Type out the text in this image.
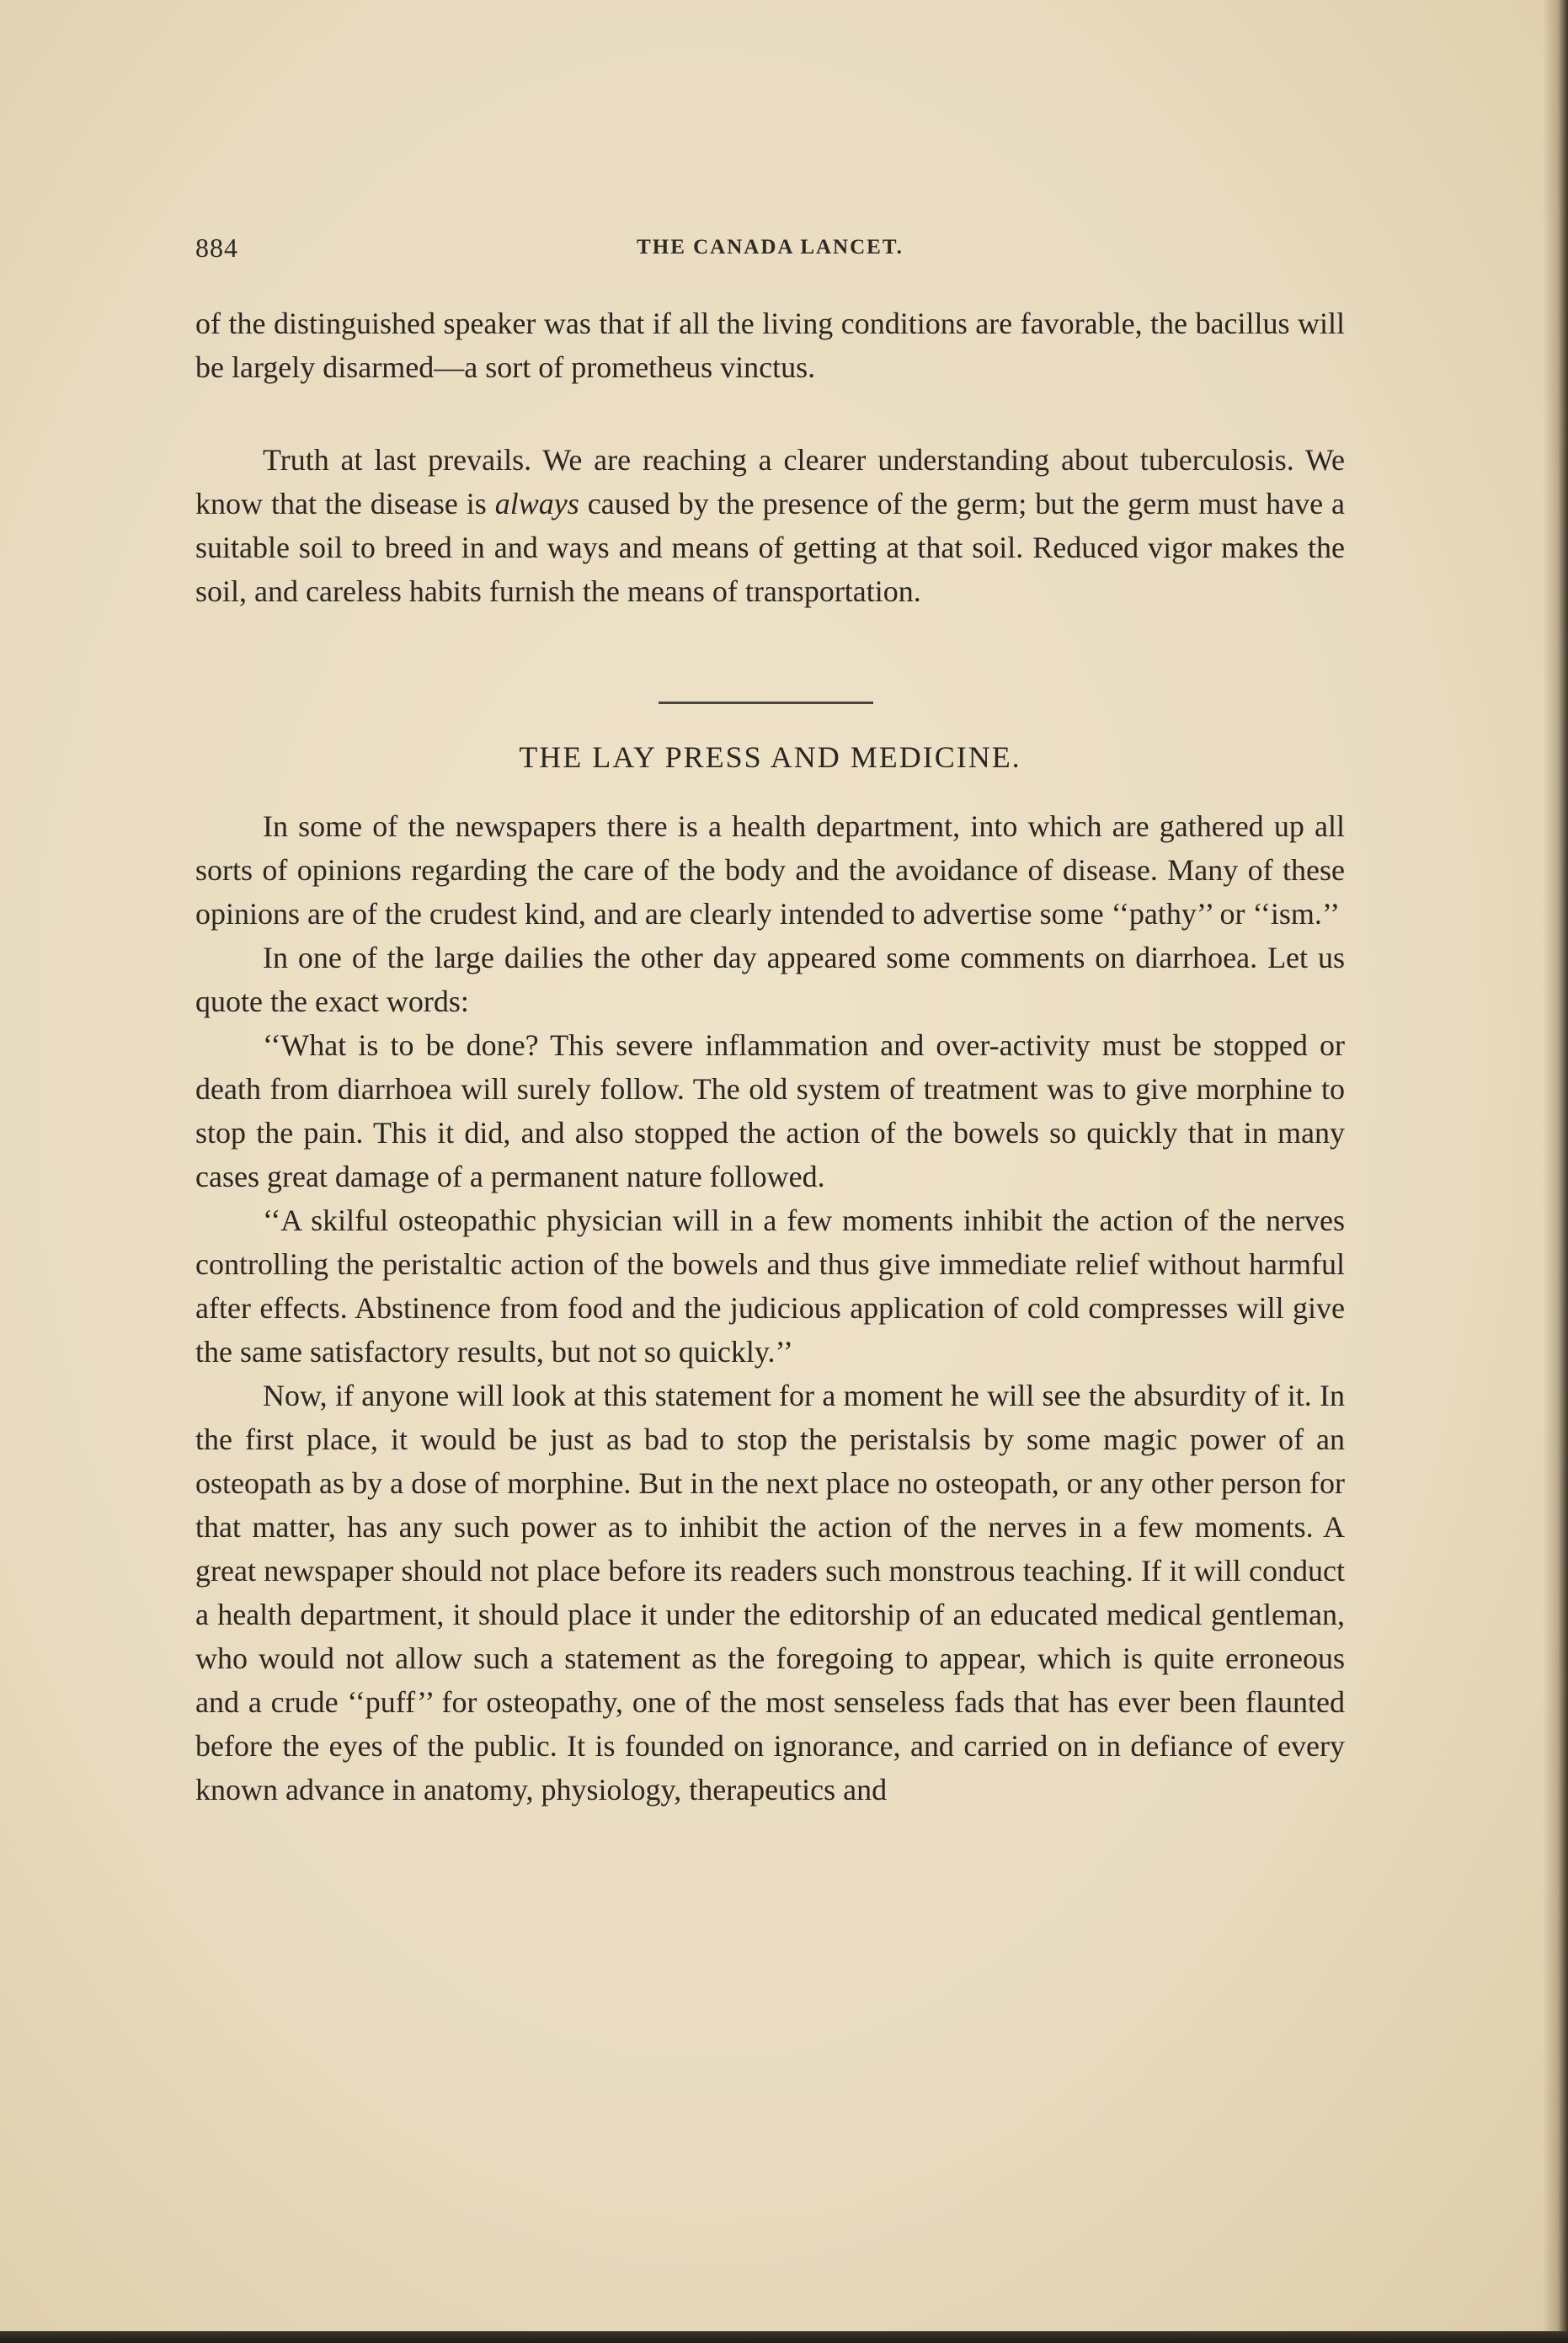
884	THE CANADA LANCET.

of the distinguished speaker was that if all the living conditions are favorable, the bacillus will be largely disarmed—a sort of prometheus vinctus.

Truth at last prevails. We are reaching a clearer understanding about tuberculosis. We know that the disease is always caused by the presence of the germ; but the germ must have a suitable soil to breed in and ways and means of getting at that soil. Reduced vigor makes the soil, and careless habits furnish the means of transportation.

THE LAY PRESS AND MEDICINE.

In some of the newspapers there is a health department, into which are gathered up all sorts of opinions regarding the care of the body and the avoidance of disease. Many of these opinions are of the crudest kind, and are clearly intended to advertise some ‘‘pathy’’ or ‘‘ism.’’

In one of the large dailies the other day appeared some comments on diarrhoea. Let us quote the exact words:

‘‘What is to be done? This severe inflammation and over-activity must be stopped or death from diarrhoea will surely follow. The old system of treatment was to give morphine to stop the pain. This it did, and also stopped the action of the bowels so quickly that in many cases great damage of a permanent nature followed.

‘‘A skilful osteopathic physician will in a few moments inhibit the action of the nerves controlling the peristaltic action of the bowels and thus give immediate relief without harmful after effects. Abstinence from food and the judicious application of cold compresses will give the same satisfactory results, but not so quickly.’’

Now, if anyone will look at this statement for a moment he will see the absurdity of it. In the first place, it would be just as bad to stop the peristalsis by some magic power of an osteopath as by a dose of morphine. But in the next place no osteopath, or any other person for that matter, has any such power as to inhibit the action of the nerves in a few moments. A great newspaper should not place before its readers such monstrous teaching. If it will conduct a health department, it should place it under the editorship of an educated medical gentleman, who would not allow such a statement as the foregoing to appear, which is quite erroneous and a crude ‘‘puff’’ for osteopathy, one of the most senseless fads that has ever been flaunted before the eyes of the public. It is founded on ignorance, and carried on in defiance of every known advance in anatomy, physiology, therapeutics and
